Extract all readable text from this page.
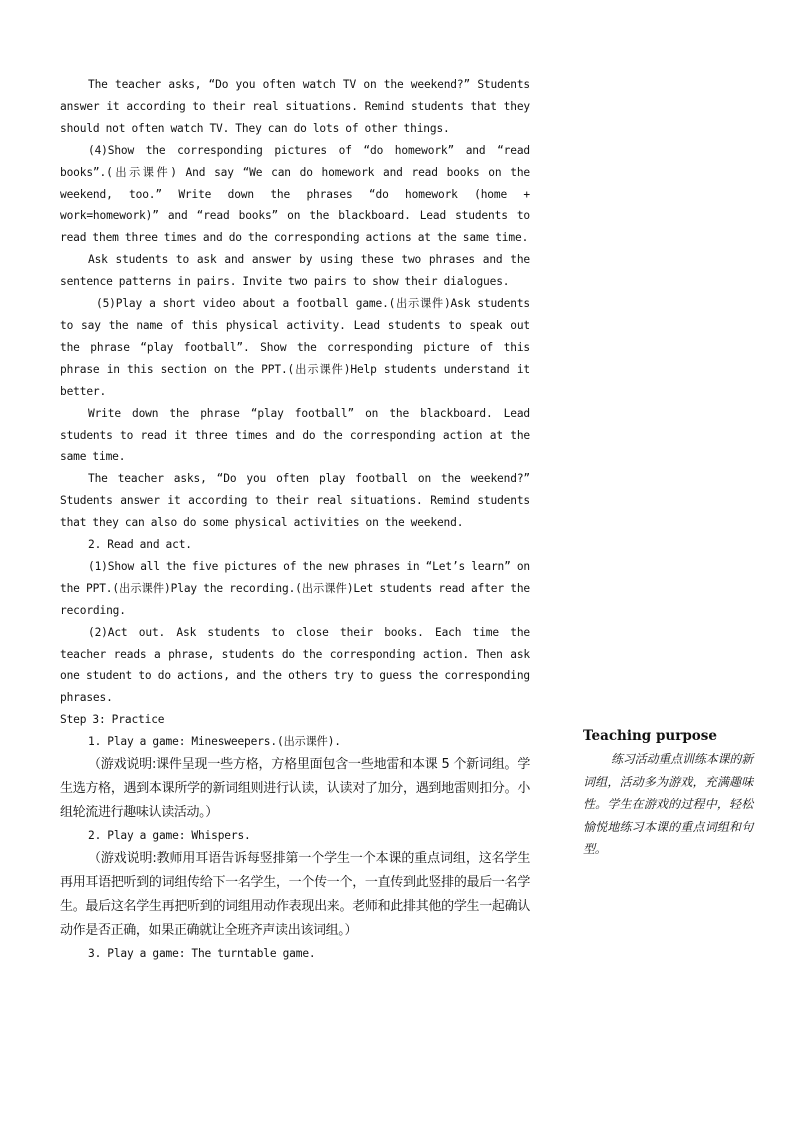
The teacher asks, “Do you often watch TV on the weekend?” Students answer it according to their real situations. Remind students that they should not often watch TV. They can do lots of other things.

(4)Show the corresponding pictures of “do homework” and “read books”.(出示课件) And say “We can do homework and read books on the weekend, too.” Write down the phrases “do homework (home + work=homework)” and “read books” on the blackboard. Lead students to read them three times and do the corresponding actions at the same time.

Ask students to ask and answer by using these two phrases and the sentence patterns in pairs. Invite two pairs to show their dialogues.

(5)Play a short video about a football game.(出示课件)Ask students to say the name of this physical activity. Lead students to speak out the phrase “play football”. Show the corresponding picture of this phrase in this section on the PPT.(出示课件)Help students understand it better.

Write down the phrase “play football” on the blackboard. Lead students to read it three times and do the corresponding action at the same time.

The teacher asks, “Do you often play football on the weekend?” Students answer it according to their real situations. Remind students that they can also do some physical activities on the weekend.

2. Read and act.

(1)Show all the five pictures of the new phrases in “Let’s learn” on the PPT.(出示课件)Play the recording.(出示课件)Let students read after the recording.

(2)Act out. Ask students to close their books. Each time the teacher reads a phrase, students do the corresponding action. Then ask one student to do actions, and the others try to guess the corresponding phrases.

Step 3: Practice

1. Play a game: Minesweepers.(出示课件).

（游戏说明:课件呈现一些方格，方格里面包含一些地雷和本课 5 个新词组。学生选方格，遇到本课所学的新词组则进行认读，认读对了加分，遇到地雷则扣分。小组轮流进行趣味认读活动。）

2. Play a game: Whispers.

（游戏说明:教师用耳语告诉每竖排第一个学生一个本课的重点词组，这名学生再用耳语把听到的词组传给下一名学生，一个传一个，一直传到此竖排的最后一名学生。最后这名学生再把听到的词组用动作表现出来。老师和此排其他的学生一起确认动作是否正确，如果正确就让全班齐声读出该词组。）

3. Play a game: The turntable game.

Teaching purpose

练习活动重点训练本课的新词组，活动多为游戏，充满趣味性。学生在游戏的过程中，轻松愉悦地练习本课的重点词组和句型。
